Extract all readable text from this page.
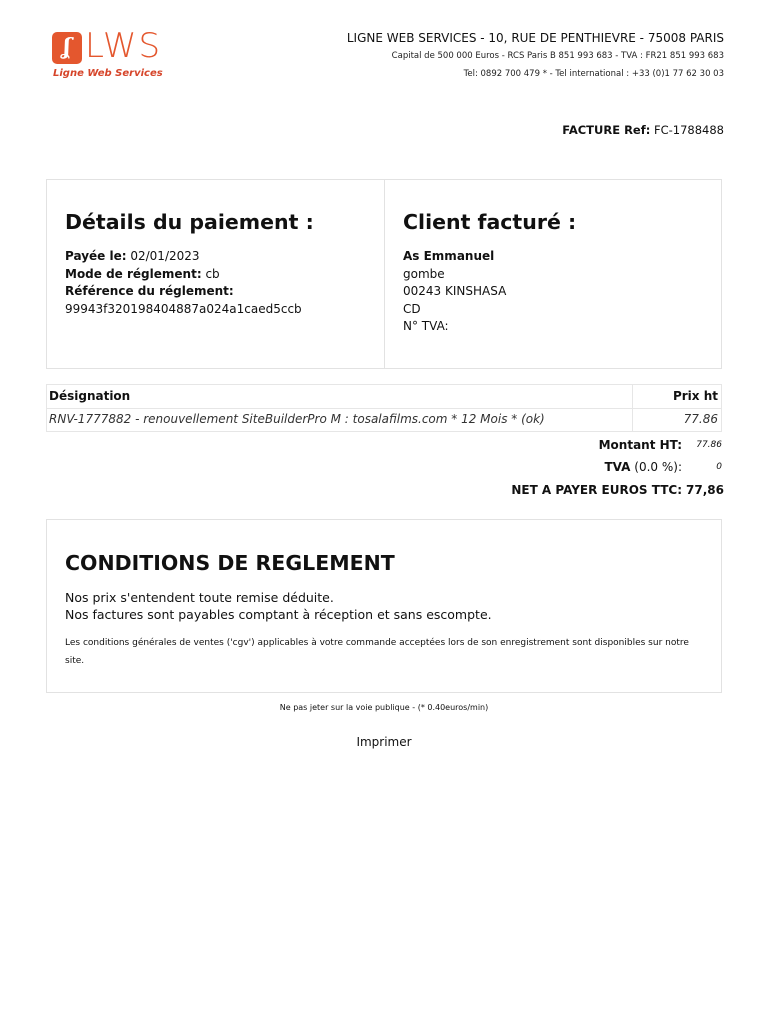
ʆ LWS
Ligne Web Services
LIGNE WEB SERVICES - 10, RUE DE PENTHIEVRE - 75008 PARIS
Capital de 500 000 Euros - RCS Paris B 851 993 683 - TVA : FR21 851 993 683
Tel: 0892 700 479 * - Tel international : +33 (0)1 77 62 30 03
FACTURE Ref: FC-1788488
Détails du paiement :
Payée le: 02/01/2023
Mode de réglement: cb
Référence du réglement:
99943f320198404887a024a1caed5ccb
Client facturé :
As Emmanuel
gombe
00243 KINSHASA
CD
N° TVA:
Désignation	Prix ht
RNV-1777882 - renouvellement SiteBuilderPro M : tosalafilms.com * 12 Mois * (ok)	77.86
Montant HT: 77.86
TVA (0.0 %):	0
NET A PAYER EUROS TTC: 77,86
CONDITIONS DE REGLEMENT
Nos prix s'entendent toute remise déduite.
Nos factures sont payables comptant à réception et sans escompte.
Les conditions générales de ventes ('cgv') applicables à votre commande acceptées lors de son enregistrement sont disponibles sur notre site.
Ne pas jeter sur la voie publique - (* 0.40euros/min)
Imprimer
